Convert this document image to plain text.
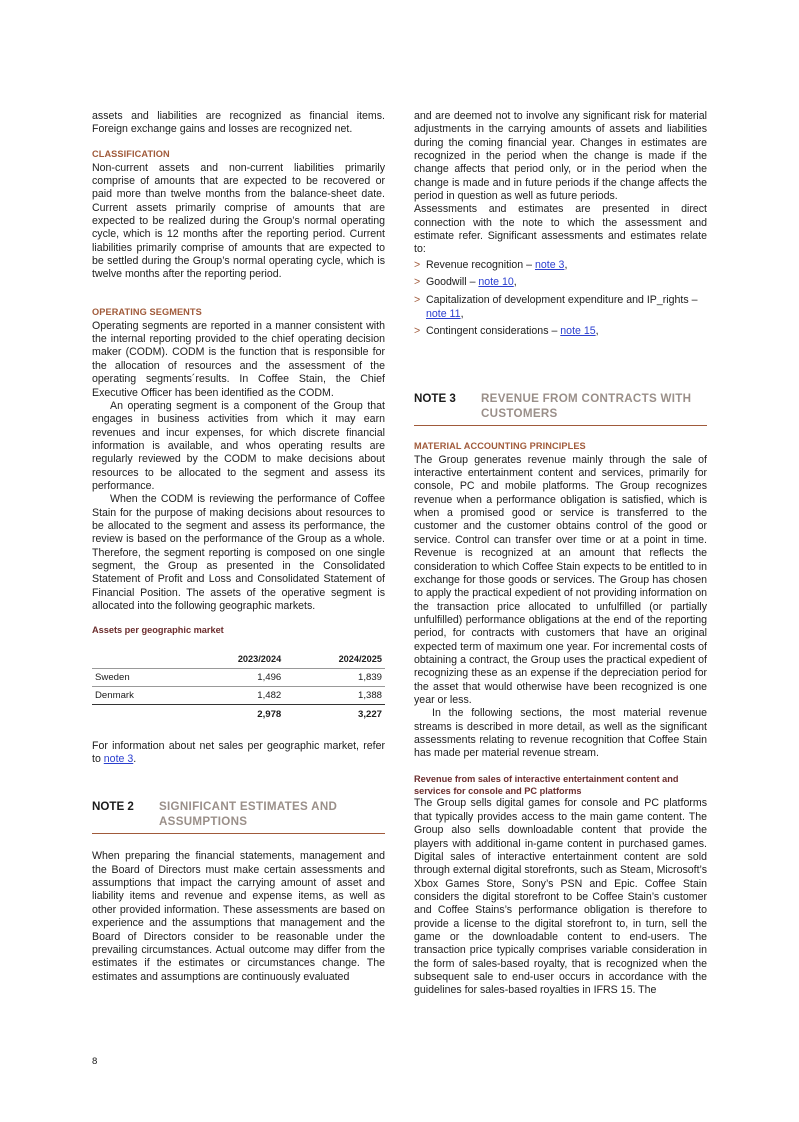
assets and liabilities are recognized as financial items. Foreign exchange gains and losses are recognized net.

CLASSIFICATION

Non-current assets and non-current liabilities primarily comprise of amounts that are expected to be recovered or paid more than twelve months from the balance-sheet date. Current assets primarily comprise of amounts that are expected to be realized during the Group’s normal operating cycle, which is 12 months after the reporting period. Current liabilities primarily comprise of amounts that are expected to be settled during the Group’s normal operating cycle, which is twelve months after the reporting period.

OPERATING SEGMENTS

Operating segments are reported in a manner consistent with the internal reporting provided to the chief operating decision maker (CODM). CODM is the function that is responsible for the allocation of resources and the assessment of the operating segments´results. In Coffee Stain, the Chief Executive Officer has been identified as the CODM.

An operating segment is a component of the Group that engages in business activities from which it may earn revenues and incur expenses, for which discrete financial information is available, and whos operating results are regularly reviewed by the CODM to make decisions about resources to be allocated to the segment and assess its performance.

When the CODM is reviewing the performance of Coffee Stain for the purpose of making decisions about resources to be allocated to the segment and assess its performance, the review is based on the performance of the Group as a whole. Therefore, the segment reporting is composed on one single segment, the Group as presented in the Consolidated Statement of Profit and Loss and Consolidated Statement of Financial Position. The assets of the operative segment is allocated into the following geographic markets.

Assets per geographic market
	2023/2024	2024/2025
Sweden	1,496	1,839
Denmark	1,482	1,388
	2,978	3,227

For information about net sales per geographic market, refer to note 3.

NOTE 2	SIGNIFICANT ESTIMATES AND ASSUMPTIONS

When preparing the financial statements, management and the Board of Directors must make certain assessments and assumptions that impact the carrying amount of asset and liability items and revenue and expense items, as well as other provided information. These assessments are based on experience and the assumptions that management and the Board of Directors consider to be reasonable under the prevailing circumstances. Actual outcome may differ from the estimates if the estimates or circumstances change. The estimates and assumptions are continuously evaluated

and are deemed not to involve any significant risk for material adjustments in the carrying amounts of assets and liabilities during the coming financial year. Changes in estimates are recognized in the period when the change is made if the change affects that period only, or in the period when the change is made and in future periods if the change affects the period in question as well as future periods.

Assessments and estimates are presented in direct connection with the note to which the assessment and estimate refer. Significant assessments and estimates relate to:

> Revenue recognition – note 3,
> Goodwill – note 10,
> Capitalization of development expenditure and IP_rights – note 11,
> Contingent considerations – note 15,
NOTE 3	REVENUE FROM CONTRACTS WITH CUSTOMERS
MATERIAL ACCOUNTING PRINCIPLES

The Group generates revenue mainly through the sale of interactive entertainment content and services, primarily for console, PC and mobile platforms. The Group recognizes revenue when a performance obligation is satisfied, which is when a promised good or service is transferred to the customer and the customer obtains control of the good or service. Control can transfer over time or at a point in time. Revenue is recognized at an amount that reflects the consideration to which Coffee Stain expects to be entitled to in exchange for those goods or services. The Group has chosen to apply the practical expedient of not providing information on the transaction price allocated to unfulfilled (or partially unfulfilled) performance obligations at the end of the reporting period, for contracts with customers that have an original expected term of maximum one year. For incremental costs of obtaining a contract, the Group uses the practical expedient of recognizing these as an expense if the depreciation period for the asset that would otherwise have been recognized is one year or less.

In the following sections, the most material revenue streams is described in more detail, as well as the significant assessments relating to revenue recognition that Coffee Stain has made per material revenue stream.

Revenue from sales of interactive entertainment content and services for console and PC platforms

The Group sells digital games for console and PC platforms that typically provides access to the main game content. The Group also sells downloadable content that provide the players with additional in-game content in purchased games. Digital sales of interactive entertainment content are sold through external digital storefronts, such as Steam, Microsoft’s Xbox Games Store, Sony’s PSN and Epic. Coffee Stain considers the digital storefront to be Coffee Stain’s customer and Coffee Stains’s performance obligation is therefore to provide a license to the digital storefront to, in turn, sell the game or the downloadable content to end-users. The transaction price typically comprises variable consideration in the form of sales-based royalty, that is recognized when the subsequent sale to end-user occurs in accordance with the guidelines for sales-based royalties in IFRS 15. The

8
